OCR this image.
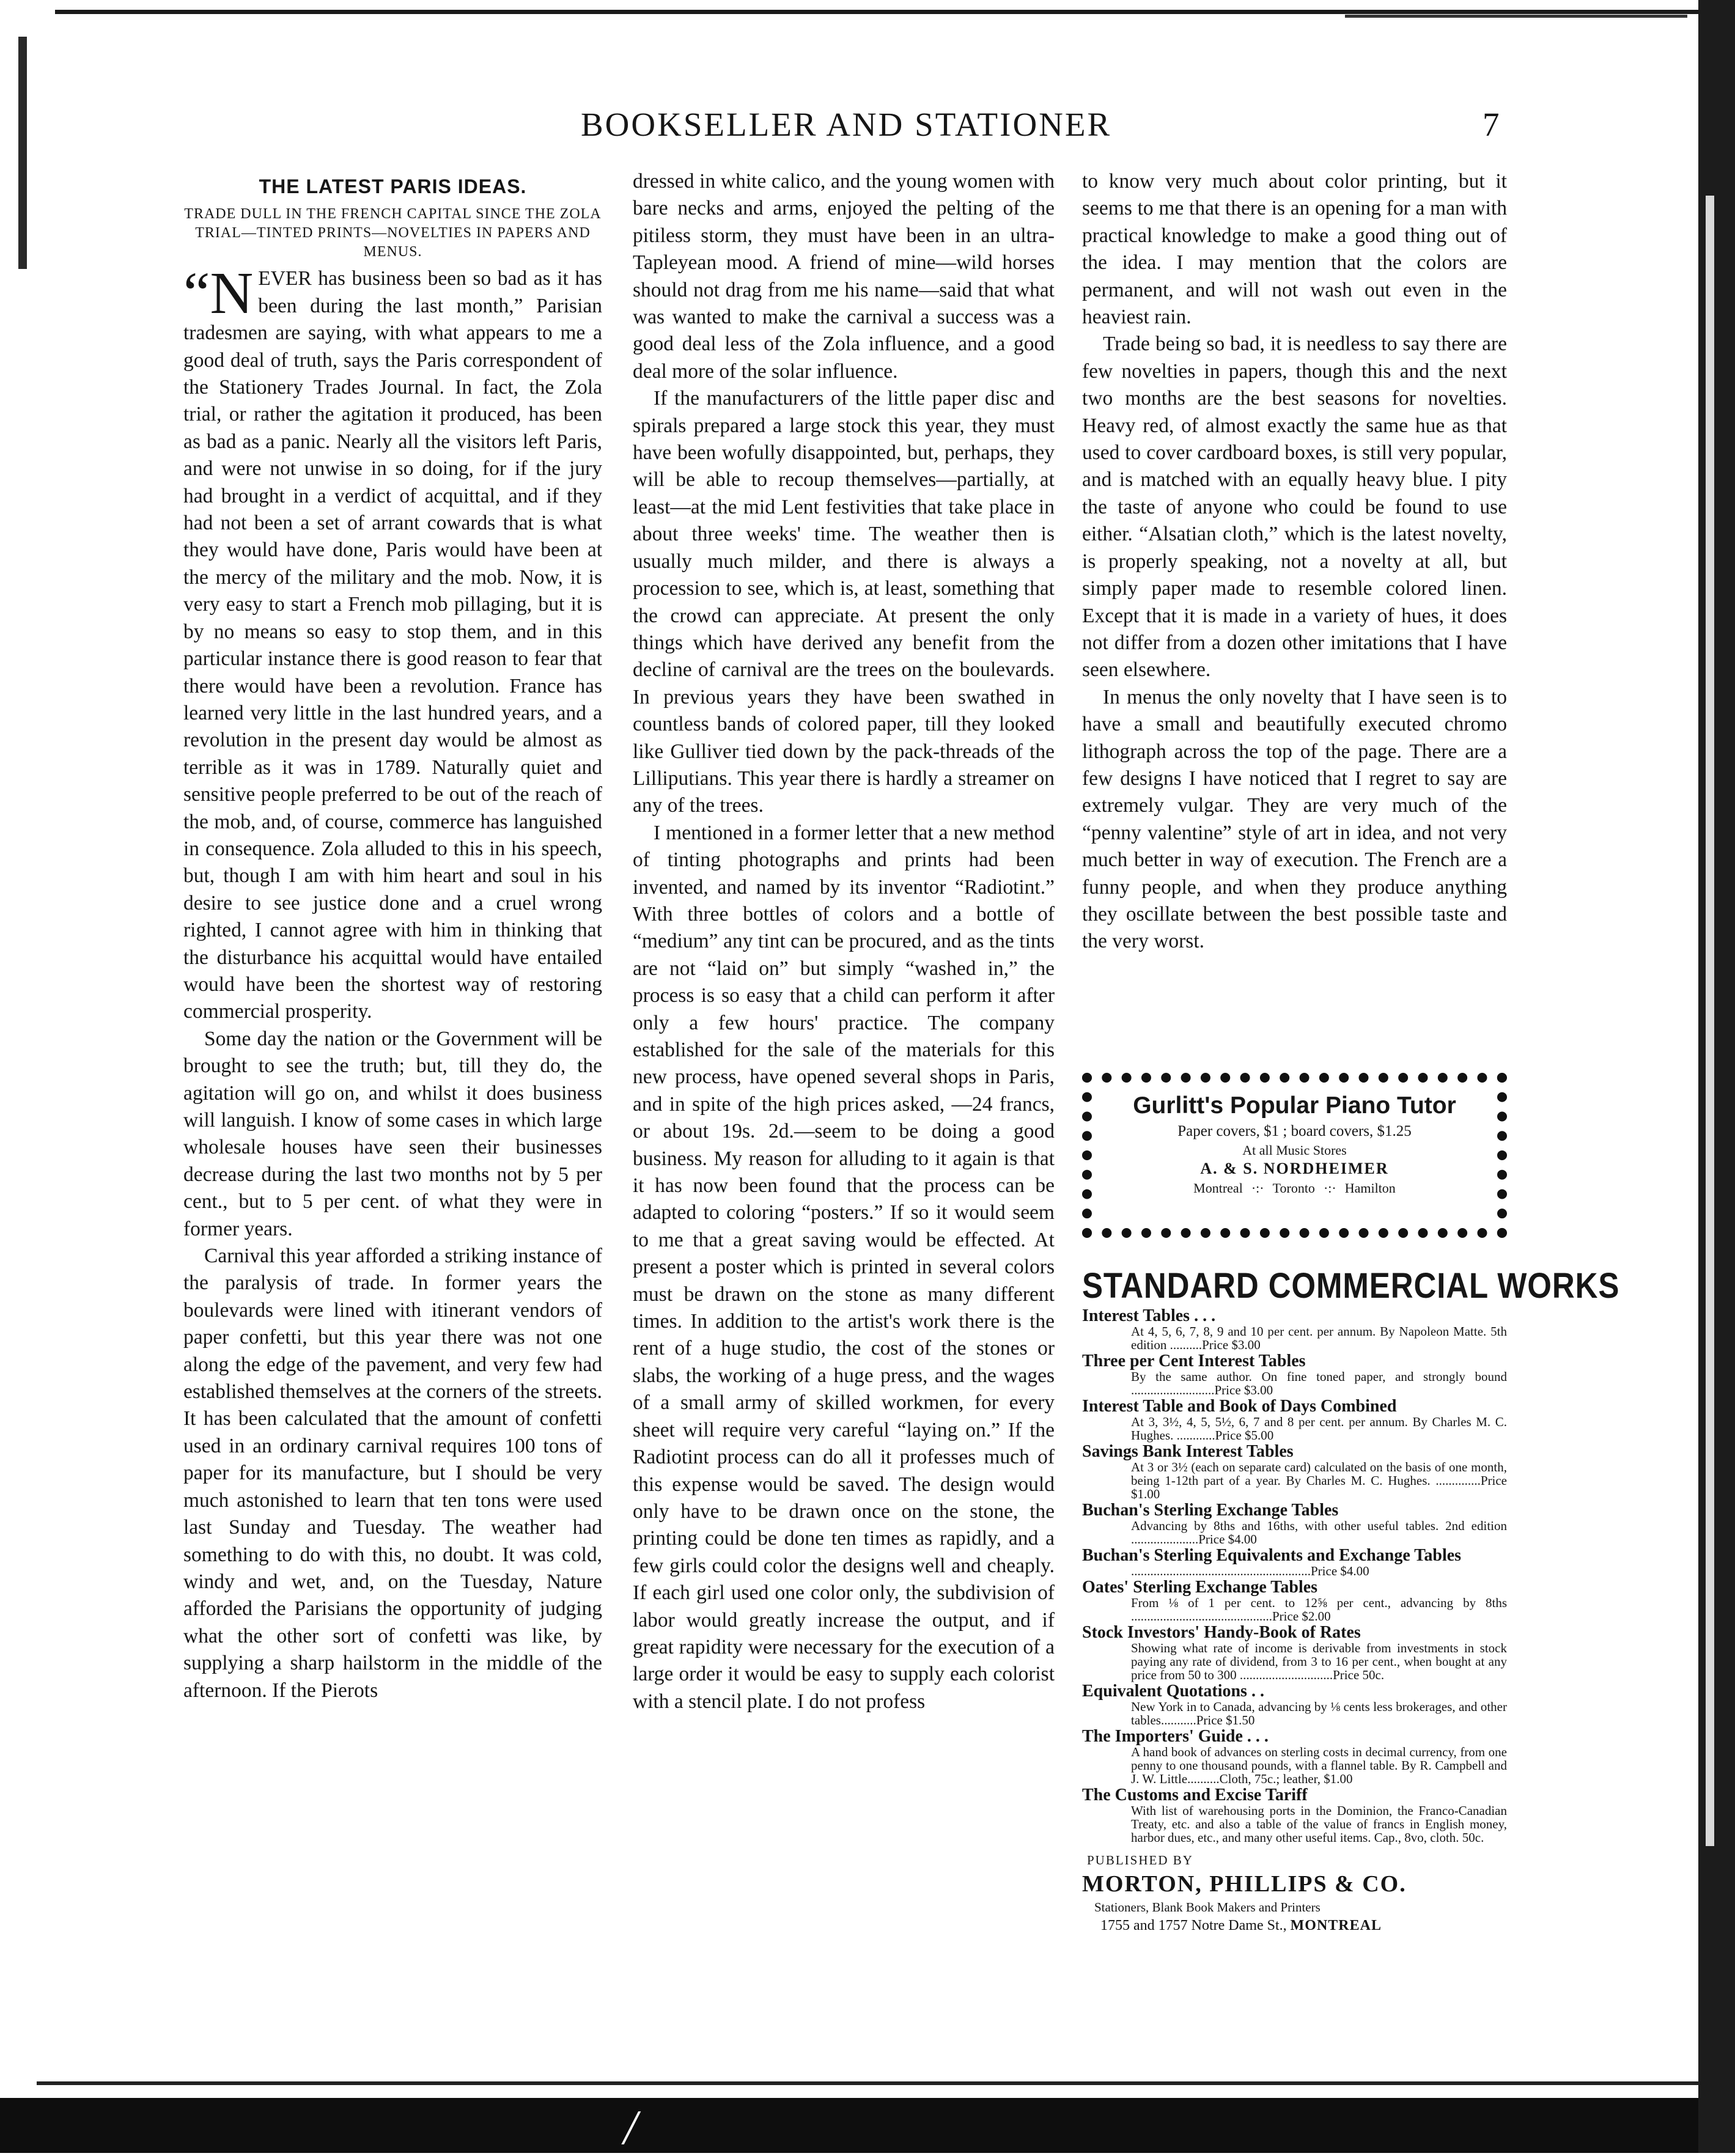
/
BOOKSELLER AND STATIONER	7
THE LATEST PARIS IDEAS.
TRADE DULL IN THE FRENCH CAPITAL SINCE THE ZOLA TRIAL—TINTED PRINTS—NOVELTIES IN PAPERS AND MENUS.

“N EVER has business been so bad as it has been during the last month,” Parisian tradesmen are saying, with what appears to me a good deal of truth, says the Paris correspondent of the Stationery Trades Journal. In fact, the Zola trial, or rather the agitation it produced, has been as bad as a panic. Nearly all the visitors left Paris, and were not unwise in so doing, for if the jury had brought in a verdict of acquittal, and if they had not been a set of arrant cowards that is what they would have done, Paris would have been at the mercy of the military and the mob. Now, it is very easy to start a French mob pillaging, but it is by no means so easy to stop them, and in this particular instance there is good reason to fear that there would have been a revolution. France has learned very little in the last hundred years, and a revolution in the present day would be almost as terrible as it was in 1789. Naturally quiet and sensitive people preferred to be out of the reach of the mob, and, of course, commerce has languished in consequence. Zola alluded to this in his speech, but, though I am with him heart and soul in his desire to see justice done and a cruel wrong righted, I cannot agree with him in thinking that the disturbance his acquittal would have entailed would have been the shortest way of restoring commercial prosperity.

Some day the nation or the Government will be brought to see the truth; but, till they do, the agitation will go on, and whilst it does business will languish. I know of some cases in which large wholesale houses have seen their businesses decrease during the last two months not by 5 per cent., but to 5 per cent. of what they were in former years.

Carnival this year afforded a striking instance of the paralysis of trade. In former years the boulevards were lined with itinerant vendors of paper confetti, but this year there was not one along the edge of the pavement, and very few had established themselves at the corners of the streets. It has been calculated that the amount of confetti used in an ordinary carnival requires 100 tons of paper for its manufacture, but I should be very much astonished to learn that ten tons were used last Sunday and Tuesday. The weather had something to do with this, no doubt. It was cold, windy and wet, and, on the Tuesday, Nature afforded the Parisians the opportunity of judging what the other sort of confetti was like, by supplying a sharp hailstorm in the middle of the afternoon. If the Pierots

dressed in white calico, and the young women with bare necks and arms, enjoyed the pelting of the pitiless storm, they must have been in an ultra-Tapleyean mood. A friend of mine—wild horses should not drag from me his name—said that what was wanted to make the carnival a success was a good deal less of the Zola influence, and a good deal more of the solar influence.

If the manufacturers of the little paper disc and spirals prepared a large stock this year, they must have been wofully disappointed, but, perhaps, they will be able to recoup themselves—partially, at least—at the mid Lent festivities that take place in about three weeks' time. The weather then is usually much milder, and there is always a procession to see, which is, at least, something that the crowd can appreciate. At present the only things which have derived any benefit from the decline of carnival are the trees on the boulevards. In previous years they have been swathed in countless bands of colored paper, till they looked like Gulliver tied down by the pack-threads of the Lilliputians. This year there is hardly a streamer on any of the trees.

I mentioned in a former letter that a new method of tinting photographs and prints had been invented, and named by its inventor “Radiotint.” With three bottles of colors and a bottle of “medium” any tint can be procured, and as the tints are not “laid on” but simply “washed in,” the process is so easy that a child can perform it after only a few hours' practice. The company established for the sale of the materials for this new process, have opened several shops in Paris, and in spite of the high prices asked, —24 francs, or about 19s. 2d.—seem to be doing a good business. My reason for alluding to it again is that it has now been found that the process can be adapted to coloring “posters.” If so it would seem to me that a great saving would be effected. At present a poster which is printed in several colors must be drawn on the stone as many different times. In addition to the artist's work there is the rent of a huge studio, the cost of the stones or slabs, the working of a huge press, and the wages of a small army of skilled workmen, for every sheet will require very careful “laying on.” If the Radiotint process can do all it professes much of this expense would be saved. The design would only have to be drawn once on the stone, the printing could be done ten times as rapidly, and a few girls could color the designs well and cheaply. If each girl used one color only, the subdivision of labor would greatly increase the output, and if great rapidity were necessary for the execution of a large order it would be easy to supply each colorist with a stencil plate. I do not profess

to know very much about color printing, but it seems to me that there is an opening for a man with practical knowledge to make a good thing out of the idea. I may mention that the colors are permanent, and will not wash out even in the heaviest rain.

Trade being so bad, it is needless to say there are few novelties in papers, though this and the next two months are the best seasons for novelties. Heavy red, of almost exactly the same hue as that used to cover cardboard boxes, is still very popular, and is matched with an equally heavy blue. I pity the taste of anyone who could be found to use either. “Alsatian cloth,” which is the latest novelty, is properly speaking, not a novelty at all, but simply paper made to resemble colored linen. Except that it is made in a variety of hues, it does not differ from a dozen other imitations that I have seen elsewhere.

In menus the only novelty that I have seen is to have a small and beautifully executed chromo lithograph across the top of the page. There are a few designs I have noticed that I regret to say are extremely vulgar. They are very much of the “penny valentine” style of art in idea, and not very much better in way of execution. The French are a funny people, and when they produce anything they oscillate between the best possible taste and the very worst.

Gurlitt's Popular Piano Tutor
Paper covers, $1 ; board covers, $1.25
At all Music Stores
A. & S. NORDHEIMER
Montreal ·:· Toronto ·:· Hamilton
STANDARD COMMERCIAL WORKS
Interest Tables . . .
At 4, 5, 6, 7, 8, 9 and 10 per cent. per annum. By Napoleon Matte. 5th edition ..........Price $3.00
Three per Cent Interest Tables
By the same author. On fine toned paper, and strongly bound ..........................Price $3.00
Interest Table and Book of Days Combined
At 3, 3½, 4, 5, 5½, 6, 7 and 8 per cent. per annum. By Charles M. C. Hughes. ............Price $5.00
Savings Bank Interest Tables
At 3 or 3½ (each on separate card) calculated on the basis of one month, being 1-12th part of a year. By Charles M. C. Hughes. ..............Price $1.00
Buchan's Sterling Exchange Tables
Advancing by 8ths and 16ths, with other useful tables. 2nd edition .....................Price $4.00
Buchan's Sterling Equivalents and Exchange Tables
........................................................Price $4.00
Oates' Sterling Exchange Tables
From ⅛ of 1 per cent. to 12⅝ per cent., advancing by 8ths ............................................Price $2.00
Stock Investors' Handy-Book of Rates
Showing what rate of income is derivable from investments in stock paying any rate of dividend, from 3 to 16 per cent., when bought at any price from 50 to 300 .............................Price 50c.
Equivalent Quotations . .
New York in to Canada, advancing by ⅛ cents less brokerages, and other tables...........Price $1.50
The Importers' Guide . . .
A hand book of advances on sterling costs in decimal currency, from one penny to one thousand pounds, with a flannel table. By R. Campbell and J. W. Little..........Cloth, 75c.; leather, $1.00
The Customs and Excise Tariff
With list of warehousing ports in the Dominion, the Franco-Canadian Treaty, etc. and also a table of the value of francs in English money, harbor dues, etc., and many other useful items. Cap., 8vo, cloth. 50c.
PUBLISHED BY
MORTON, PHILLIPS & CO.
Stationers, Blank Book Makers and Printers
1755 and 1757 Notre Dame St., MONTREAL
